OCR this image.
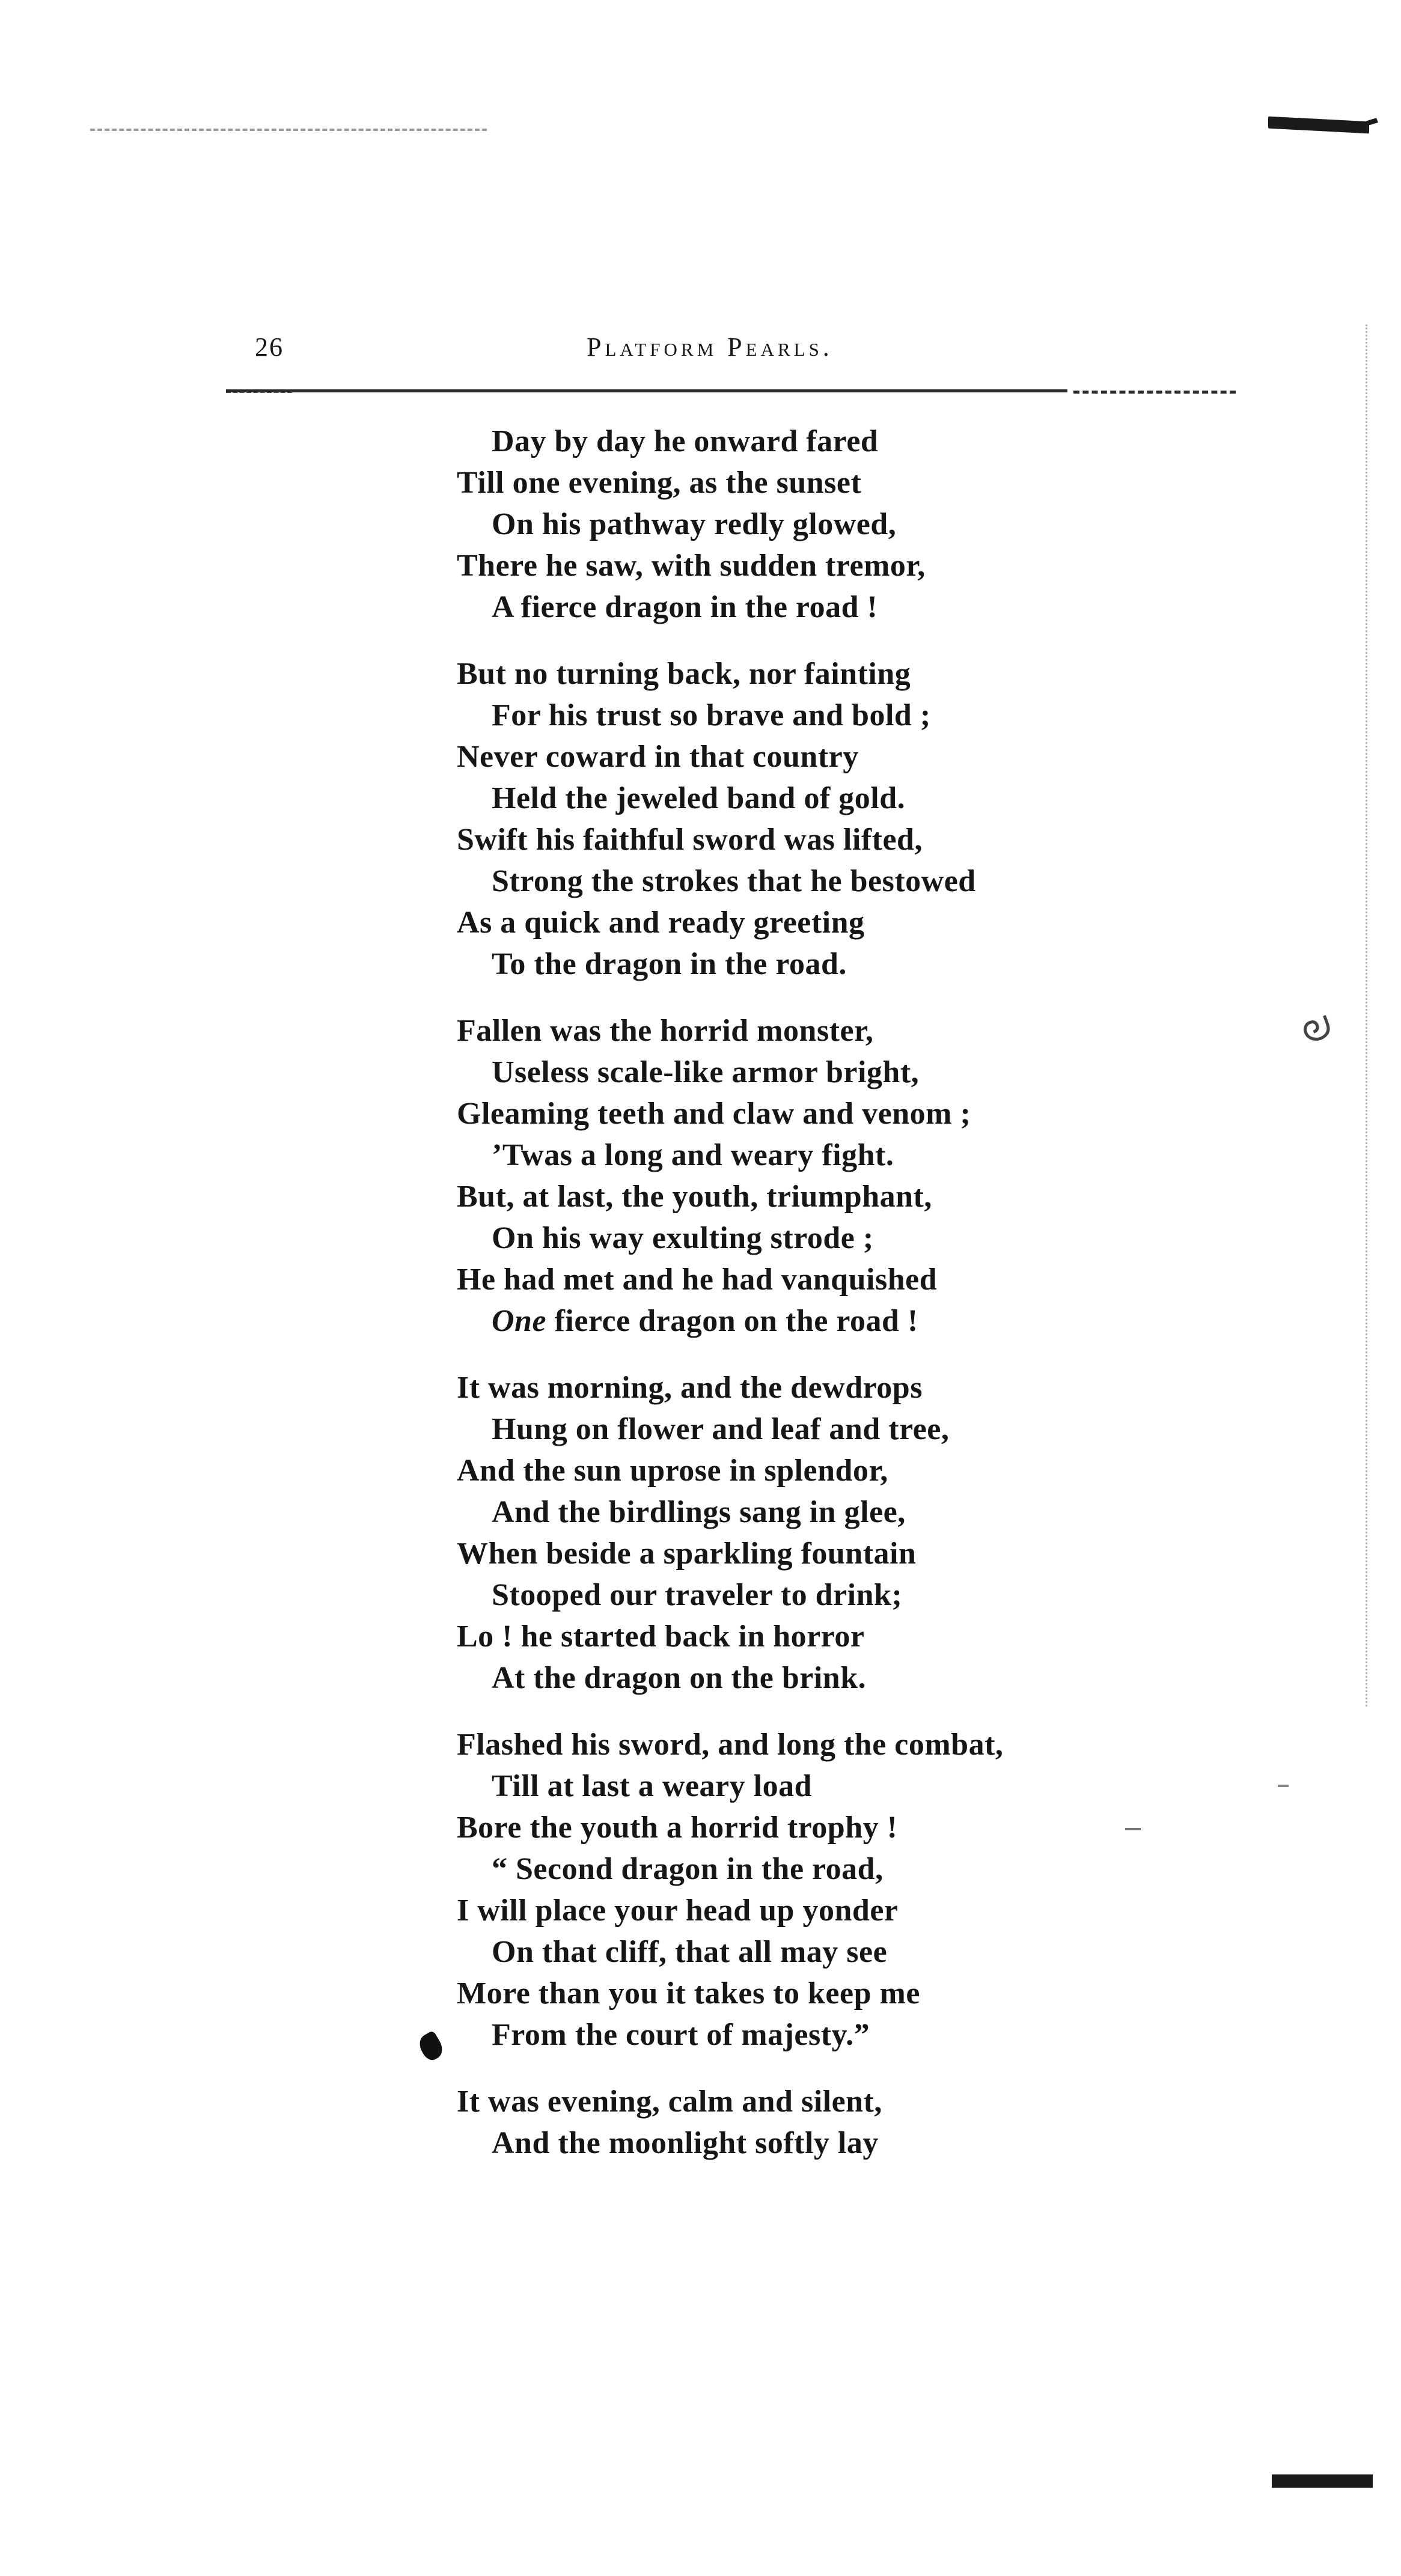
ᘐ
26	Platform Pearls.
Day by day he onward fared
Till one evening, as the sunset
On his pathway redly glowed,
There he saw, with sudden tremor,
A fierce dragon in the road !
But no turning back, nor fainting
For his trust so brave and bold ;
Never coward in that country
Held the jeweled band of gold.
Swift his faithful sword was lifted,
Strong the strokes that he bestowed
As a quick and ready greeting
To the dragon in the road.
Fallen was the horrid monster,
Useless scale-like armor bright,
Gleaming teeth and claw and venom ;
’Twas a long and weary fight.
But, at last, the youth, triumphant,
On his way exulting strode ;
He had met and he had vanquished
One fierce dragon on the road !
It was morning, and the dewdrops
Hung on flower and leaf and tree,
And the sun uprose in splendor,
And the birdlings sang in glee,
When beside a sparkling fountain
Stooped our traveler to drink;
Lo ! he started back in horror
At the dragon on the brink.
Flashed his sword, and long the combat,
Till at last a weary load
Bore the youth a horrid trophy !
“ Second dragon in the road,
I will place your head up yonder
On that cliff, that all may see
More than you it takes to keep me
From the court of majesty.”
It was evening, calm and silent,
And the moonlight softly lay
